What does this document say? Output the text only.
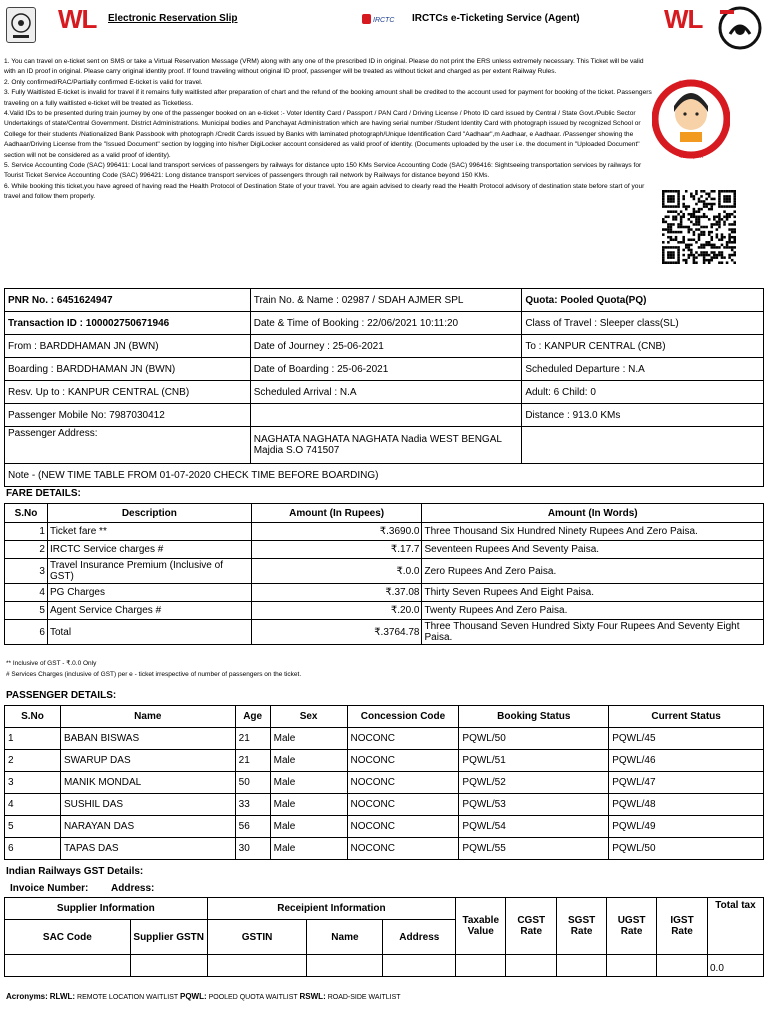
WL Electronic Reservation Slip	IRCTC IRCTCs e-Ticketing Service (Agent)	WL

1. You can travel on e-ticket sent on SMS or take a Virtual Reservation Message (VRM) along with any one of the prescribed ID in original. Please do not print the ERS unless extremely necessary. This Ticket will be valid with an ID proof in original. Please carry original identity proof. If found traveling without original ID proof, passenger will be treated as without ticket and charged as per extent Railway Rules.

2. Only confirmed/RAC/Partially confirmed E-ticket is valid for travel.

3. Fully Waitlisted E-ticket is invalid for travel if it remains fully waitlisted after preparation of chart and the refund of the booking amount shall be credited to the account used for payment for booking of the ticket. Passengers traveling on a fully waitlisted e-ticket will be treated as Ticketless.

4.Valid IDs to be presented during train journey by one of the passenger booked on an e-ticket :- Voter Identity Card / Passport / PAN Card / Driving License / Photo ID card issued by Central / State Govt./Public Sector Undertakings of state/Central Government. District Administrations. Municipal bodies and Panchayat Administration which are having serial number /Student Identity Card with photograph issued by recognized School or College for their students /Nationalized Bank Passbook with photograph /Credit Cards issued by Banks with laminated photograph/Unique Identification Card "Aadhaar",m Aadhaar, e Aadhaar. /Passenger showing the Aadhaar/Driving License from the "Issued Document" section by logging into his/her DigiLocker account considered as valid proof of identity. (Documents uploaded by the user i.e. the document in "Uploaded Document" section will not be considered as a valid proof of identity).

5. Service Accounting Code (SAC) 996411: Local land transport services of passengers by railways for distance upto 150 KMs Service Accounting Code (SAC) 996416: Sightseeing transportation services by railways for Tourist Ticket Service Accounting Code (SAC) 996421: Long distance transport services of passengers through rail network by Railways for distance beyond 150 KMs.

6. While booking this ticket,you have agreed of having read the Health Protocol of Destination State of your travel. You are again advised to clearly read the Health Protocol advisory of destination state before start of your travel and follow them properly.

बेटी बचाओ
बेटी पढ़ाओ
PNR No. : 6451624947	Train No. & Name : 02987 / SDAH AJMER SPL	Quota: Pooled Quota(PQ)
Transaction ID : 100002750671946	Date & Time of Booking : 22/06/2021 10:11:20	Class of Travel : Sleeper class(SL)
From : BARDDHAMAN JN (BWN)	Date of Journey : 25-06-2021	To : KANPUR CENTRAL (CNB)
Boarding : BARDDHAMAN JN (BWN)	Date of Boarding : 25-06-2021	Scheduled Departure : N.A
Resv. Up to : KANPUR CENTRAL (CNB)	Scheduled Arrival : N.A	Adult: 6 Child: 0
Passenger Mobile No: 7987030412		Distance : 913.0 KMs
Passenger Address:	NAGHATA NAGHATA NAGHATA Nadia WEST BENGAL
Majdia S.O 741507	
Note - (NEW TIME TABLE FROM 01-07-2020 CHECK TIME BEFORE BOARDING)		
FARE DETAILS:
S.No	Description	Amount (In Rupees)	Amount (In Words)
1	Ticket fare **	₹.3690.0	Three Thousand Six Hundred Ninety Rupees And Zero Paisa.
2	IRCTC Service charges #	₹.17.7	Seventeen Rupees And Seventy Paisa.
3	Travel Insurance Premium (Inclusive of GST)	₹.0.0	Zero Rupees And Zero Paisa.
4	PG Charges	₹.37.08	Thirty Seven Rupees And Eight Paisa.
5	Agent Service Charges #	₹.20.0	Twenty Rupees And Zero Paisa.
6	Total	₹.3764.78	Three Thousand Seven Hundred Sixty Four Rupees And Seventy Eight Paisa.
** Inclusive of GST - ₹.0.0 Only
# Services Charges (inclusive of GST) per e - ticket irrespective of number of passengers on the ticket.
PASSENGER DETAILS:
S.No	Name	Age	Sex	Concession Code	Booking Status	Current Status
1	BABAN BISWAS	21	Male	NOCONC	PQWL/50	PQWL/45
2	SWARUP DAS	21	Male	NOCONC	PQWL/51	PQWL/46
3	MANIK MONDAL	50	Male	NOCONC	PQWL/52	PQWL/47
4	SUSHIL DAS	33	Male	NOCONC	PQWL/53	PQWL/48
5	NARAYAN DAS	56	Male	NOCONC	PQWL/54	PQWL/49
6	TAPAS DAS	30	Male	NOCONC	PQWL/55	PQWL/50
Indian Railways GST Details:
Invoice Number: Address:
Supplier Information		Receipient Information			Taxable Value	CGST Rate	SGST Rate	UGST Rate	IGST Rate	Total tax
SAC Code	Supplier GSTN	GSTIN	Name	Address						
										0.0
Acronyms: RLWL: REMOTE LOCATION WAITLIST PQWL: POOLED QUOTA WAITLIST RSWL: ROAD-SIDE WAITLIST
